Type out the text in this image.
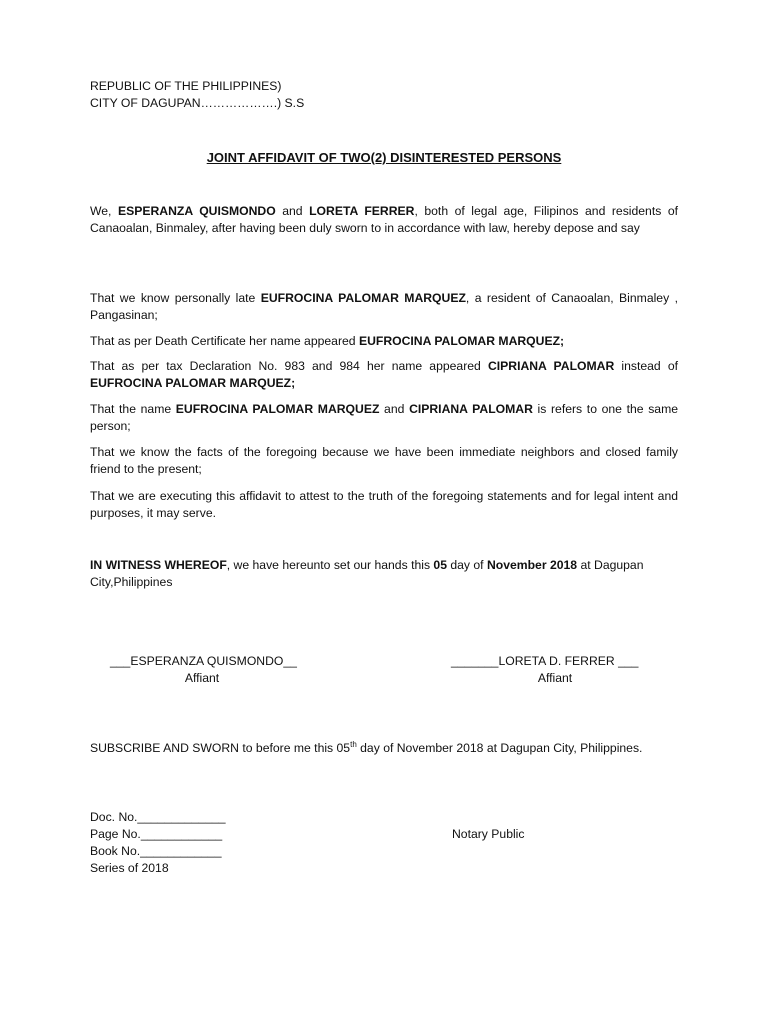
REPUBLIC OF THE PHILIPPINES)
CITY OF DAGUPAN……………….) S.S
JOINT AFFIDAVIT OF TWO(2) DISINTERESTED PERSONS
We, ESPERANZA QUISMONDO and LORETA FERRER, both of legal age, Filipinos and residents of Canaoalan, Binmaley, after having been duly sworn to in accordance with law, hereby depose and say
That we know personally late EUFROCINA PALOMAR MARQUEZ, a resident of Canaoalan, Binmaley , Pangasinan;
That as per Death Certificate her name appeared EUFROCINA PALOMAR MARQUEZ;
That as per tax Declaration No. 983 and 984 her name appeared CIPRIANA PALOMAR instead of EUFROCINA PALOMAR MARQUEZ;
That the name EUFROCINA PALOMAR MARQUEZ and CIPRIANA PALOMAR is refers to one the same person;
That we know the facts of the foregoing because we have been immediate neighbors and closed family friend to the present;
That we are executing this affidavit to attest to the truth of the foregoing statements and for legal intent and purposes, it may serve.
IN WITNESS WHEREOF, we have hereunto set our hands this 05 day of November 2018 at Dagupan City,Philippines
___ESPERANZA QUISMONDO__
Affiant
_______LORETA D. FERRER ___
Affiant
SUBSCRIBE AND SWORN to before me this 05th day of November 2018 at Dagupan City, Philippines.
Doc. No._____________
Page No.____________
Book No.____________
Series of 2018
Notary Public
